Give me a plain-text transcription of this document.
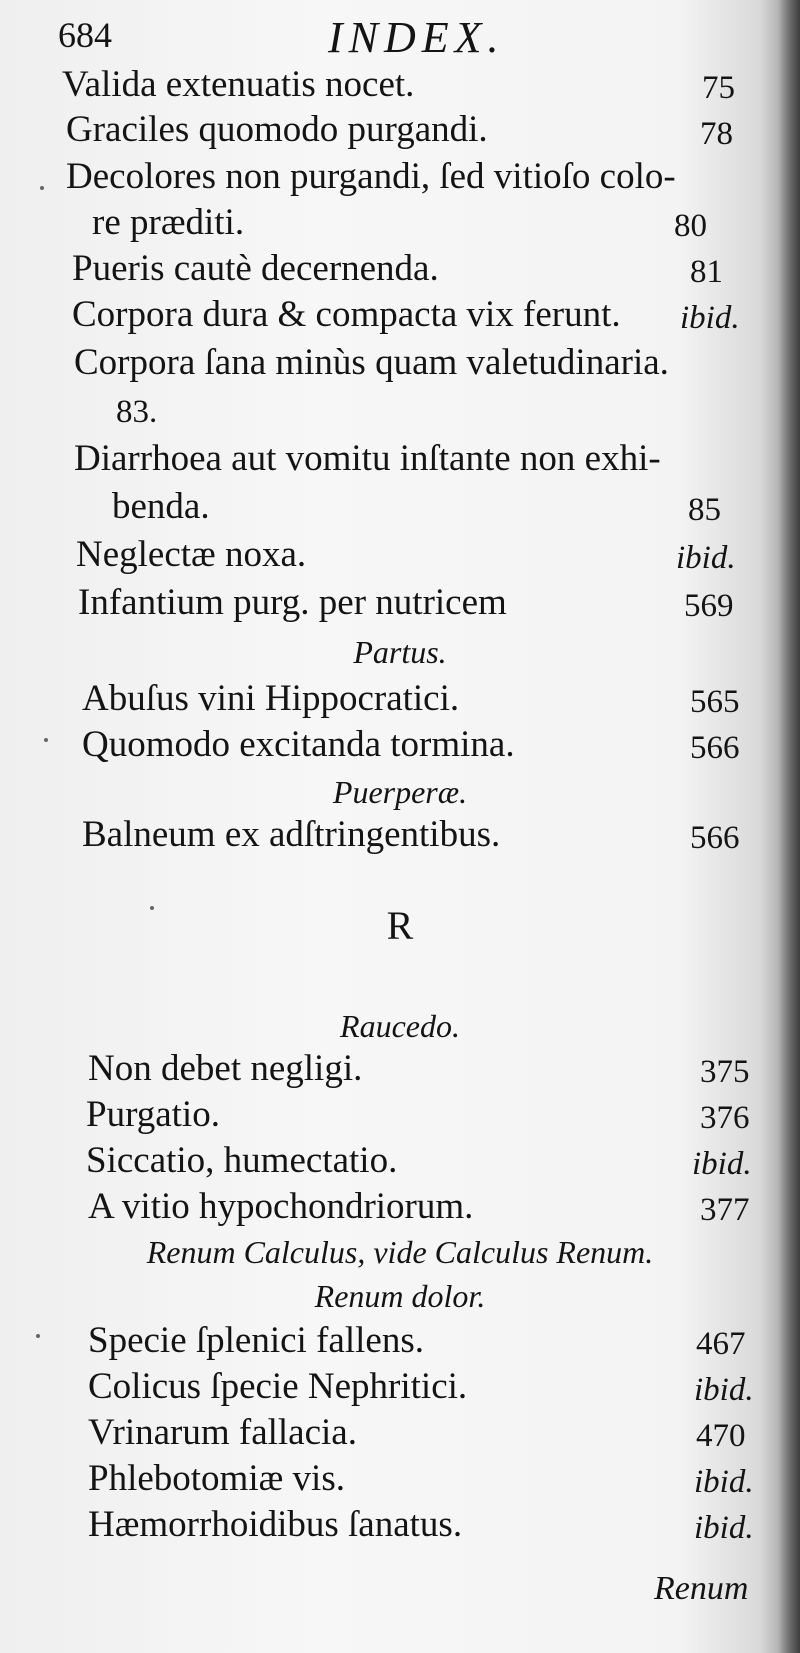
684	INDEX.
Valida extenuatis nocet.	75
Graciles quomodo purgandi.	78
Decolores non purgandi, ſed vitioſo colo-
re præditi.	80
Pueris cautè decernenda.	81
Corpora dura & compacta vix ferunt. ibid.
Corpora ſana minùs quam valetudinaria.
83.
Diarrhoea aut vomitu inſtante non exhi-
benda.	85
Neglectæ noxa.	ibid.
Infantium purg. per nutricem	569
Partus.
Abuſus vini Hippocratici.	565
Quomodo excitanda tormina.	566
Puerperæ.
Balneum ex adſtringentibus.	566
R
Raucedo.
Non debet negligi.	375
Purgatio.	376
Siccatio, humectatio.	ibid.
A vitio hypochondriorum.	377
Renum Calculus, vide Calculus Renum.
Renum dolor.
Specie ſplenici fallens.	467
Colicus ſpecie Nephritici.	ibid.
Vrinarum fallacia.	470
Phlebotomiæ vis.	ibid.
Hæmorrhoidibus ſanatus.	ibid.
Renum
